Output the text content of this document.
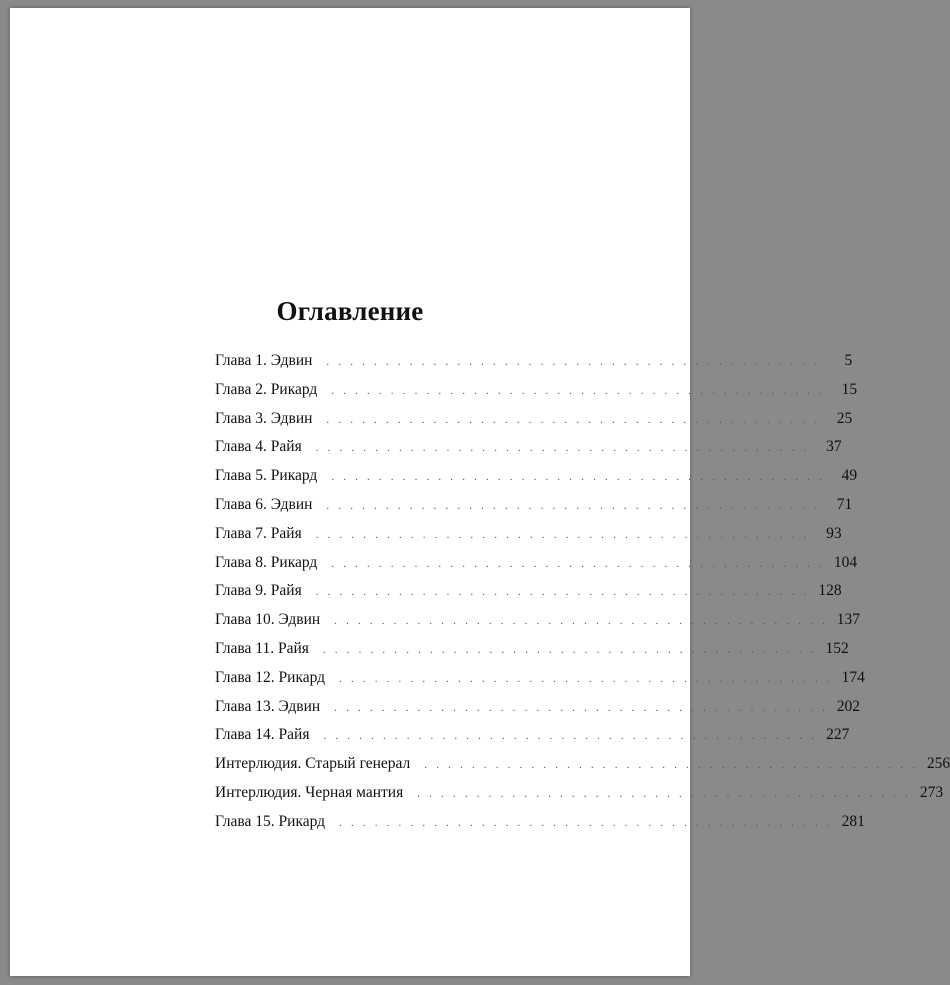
Оглавление
Глава 1. Эдвин	. . . . . . . . . . . . . . . . . . . . . . . . . . . . . . . . . . . . . . . . . .	5
Глава 2. Рикард	. . . . . . . . . . . . . . . . . . . . . . . . . . . . . . . . . . . . . . . . . .	15
Глава 3. Эдвин	. . . . . . . . . . . . . . . . . . . . . . . . . . . . . . . . . . . . . . . . . .	25
Глава 4. Райя	. . . . . . . . . . . . . . . . . . . . . . . . . . . . . . . . . . . . . . . . . .	37
Глава 5. Рикард	. . . . . . . . . . . . . . . . . . . . . . . . . . . . . . . . . . . . . . . . . .	49
Глава 6. Эдвин	. . . . . . . . . . . . . . . . . . . . . . . . . . . . . . . . . . . . . . . . . .	71
Глава 7. Райя	. . . . . . . . . . . . . . . . . . . . . . . . . . . . . . . . . . . . . . . . . .	93
Глава 8. Рикард	. . . . . . . . . . . . . . . . . . . . . . . . . . . . . . . . . . . . . . . . . . 104
Глава 9. Райя	. . . . . . . . . . . . . . . . . . . . . . . . . . . . . . . . . . . . . . . . . . 128
Глава 10. Эдвин	. . . . . . . . . . . . . . . . . . . . . . . . . . . . . . . . . . . . . . . . . . 137
Глава 11. Райя	. . . . . . . . . . . . . . . . . . . . . . . . . . . . . . . . . . . . . . . . . . 152
Глава 12. Рикард	. . . . . . . . . . . . . . . . . . . . . . . . . . . . . . . . . . . . . . . . . . 174
Глава 13. Эдвин	. . . . . . . . . . . . . . . . . . . . . . . . . . . . . . . . . . . . . . . . . . 202
Глава 14. Райя	. . . . . . . . . . . . . . . . . . . . . . . . . . . . . . . . . . . . . . . . . . 227
Интерлюдия. Старый генерал	. . . . . . . . . . . . . . . . . . . . . . . . . . . . . . . . . . . . . . . . . . 256
Интерлюдия. Черная мантия	. . . . . . . . . . . . . . . . . . . . . . . . . . . . . . . . . . . . . . . . . . 273
Глава 15. Рикард	. . . . . . . . . . . . . . . . . . . . . . . . . . . . . . . . . . . . . . . . . . 281
